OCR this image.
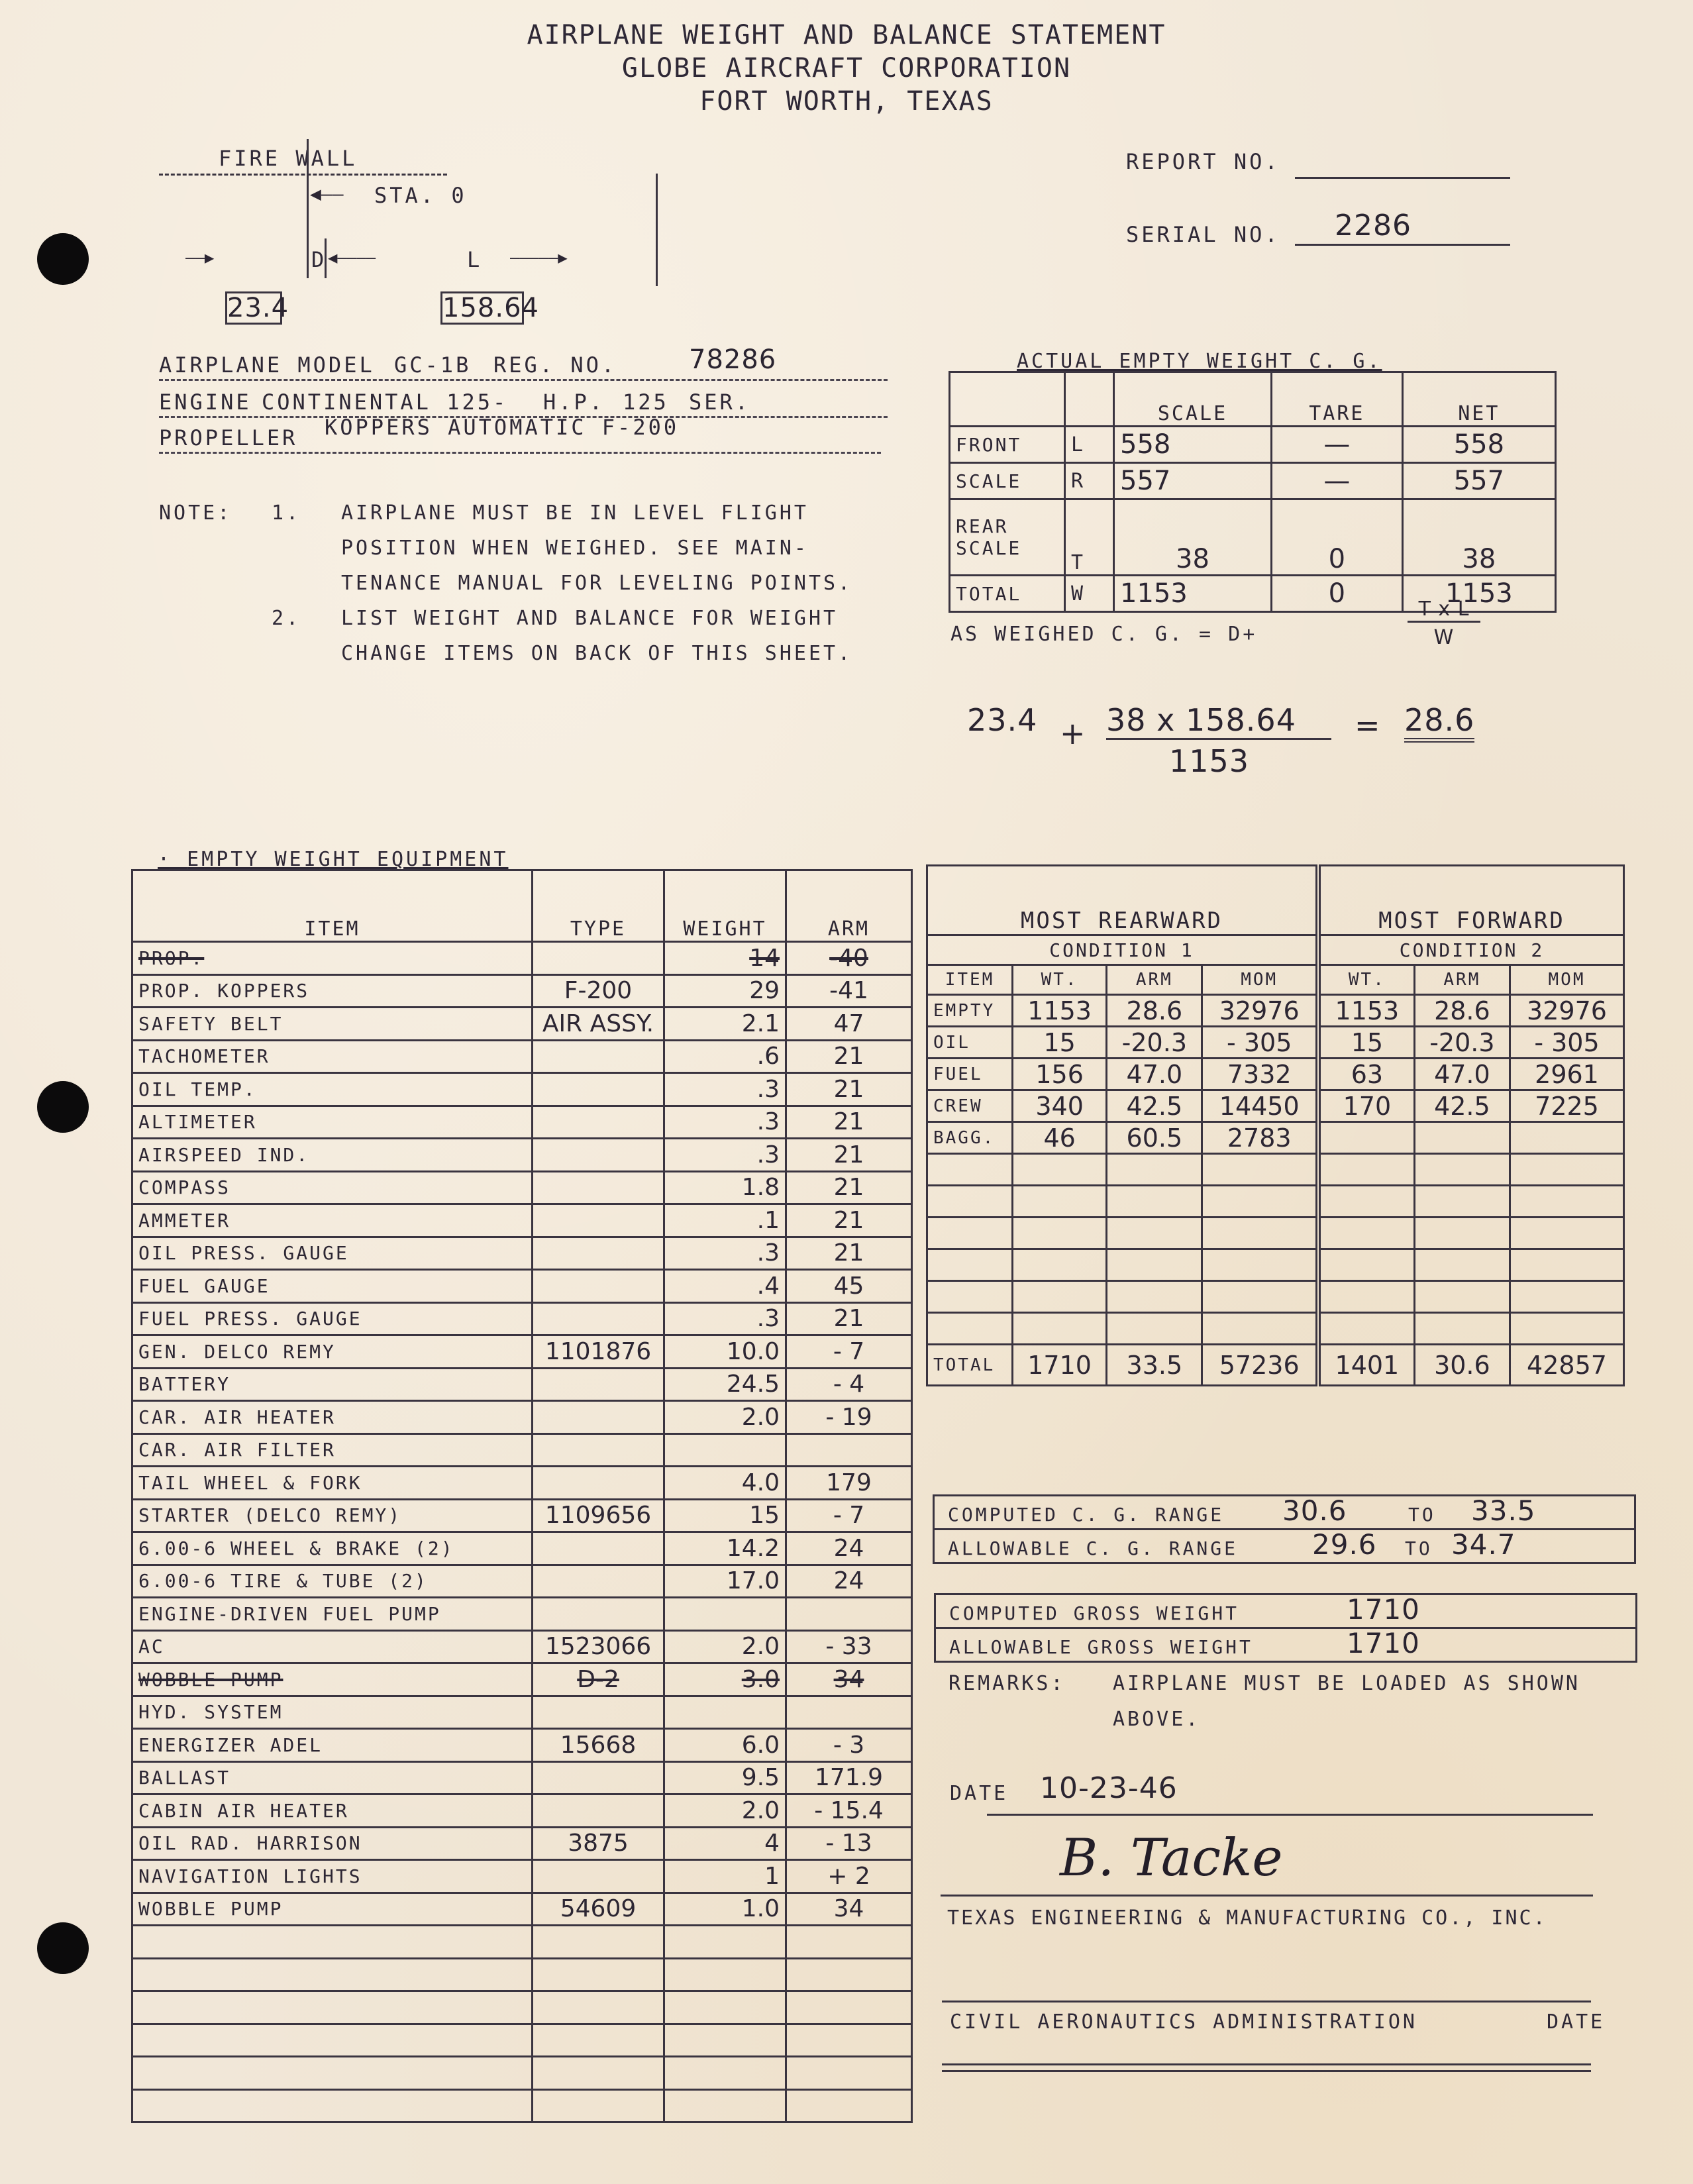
AIRPLANE WEIGHT AND BALANCE STATEMENT
GLOBE AIRCRAFT CORPORATION
FORT WORTH, TEXAS
FIRE WALL
◀—— STA. 0
——▶	D ◀————	L —————▶
23.4	158.64
REPORT NO.
SERIAL NO.	2286
AIRPLANE MODEL GC-1B REG. NO.	78286
ENGINE CONTINENTAL 125- H.P. 125 SER.
PROPELLER KOPPERS AUTOMATIC F-200
NOTE: 1. AIRPLANE MUST BE IN LEVEL FLIGHT
POSITION WHEN WEIGHED. SEE MAIN-
TENANCE MANUAL FOR LEVELING POINTS.
LIST WEIGHT AND BALANCE FOR WEIGHT
CHANGE ITEMS ON BACK OF THIS SHEET.
2.
ACTUAL EMPTY WEIGHT C. G.
		SCALE	TARE	NET
FRONT	L	558	—	558
SCALE	R	557	—	557
REAR SCALE	T	38	0	38
TOTAL	W	1153	0	1153
AS WEIGHED C. G. = D+
T x L
W
23.4 + 38 x 158.64
1153
= 28.6
· EMPTY WEIGHT EQUIPMENT
ITEM	TYPE	WEIGHT	ARM
PROP.		14	-40
PROP. KOPPERS	F-200	29	-41
SAFETY BELT	AIR ASSY.	2.1	47
TACHOMETER		.6	21
OIL TEMP.		.3	21
ALTIMETER		.3	21
AIRSPEED IND.		.3	21
COMPASS		1.8	21
AMMETER		.1	21
OIL PRESS. GAUGE		.3	21
FUEL GAUGE		.4	45
FUEL PRESS. GAUGE		.3	21
GEN. DELCO REMY	1101876	10.0	- 7
BATTERY		24.5	- 4
CAR. AIR HEATER		2.0	- 19
CAR. AIR FILTER			
TAIL WHEEL & FORK		4.0	179
STARTER (DELCO REMY)	1109656	15	- 7
6.00-6 WHEEL & BRAKE (2)		14.2	24
6.00-6 TIRE & TUBE (2)		17.0	24
ENGINE-DRIVEN FUEL PUMP			
AC	1523066	2.0	- 33
WOBBLE PUMP	D-2	3.0	34
HYD. SYSTEM			
ENERGIZER ADEL	15668	6.0	- 3
BALLAST		9.5	171.9
CABIN AIR HEATER		2.0	- 15.4
OIL RAD. HARRISON	3875	4	- 13
NAVIGATION LIGHTS		1	+ 2
WOBBLE PUMP	54609	1.0	34

MOST REARWARD				MOST FORWARD		
CONDITION 1				CONDITION 2		
ITEM	WT.	ARM	MOM	WT.	ARM	MOM
EMPTY	1153	28.6	32976	1153	28.6	32976
OIL	15	-20.3	- 305	15	-20.3	- 305
FUEL	156	47.0	7332	63	47.0	2961
CREW	340	42.5	14450	170	42.5	7225
BAGG.	46	60.5	2783			

TOTAL	1710	33.5	57236	1401	30.6	42857
COMPUTED C. G. RANGE 30.6	TO 33.5
ALLOWABLE C. G. RANGE	29.6 TO 34.7
COMPUTED GROSS WEIGHT	1710
ALLOWABLE GROSS WEIGHT	1710
REMARKS: AIRPLANE MUST BE LOADED AS SHOWN
ABOVE.
DATE 10-23-46
B. Tacke
TEXAS ENGINEERING & MANUFACTURING CO., INC.
CIVIL AERONAUTICS ADMINISTRATION	DATE
